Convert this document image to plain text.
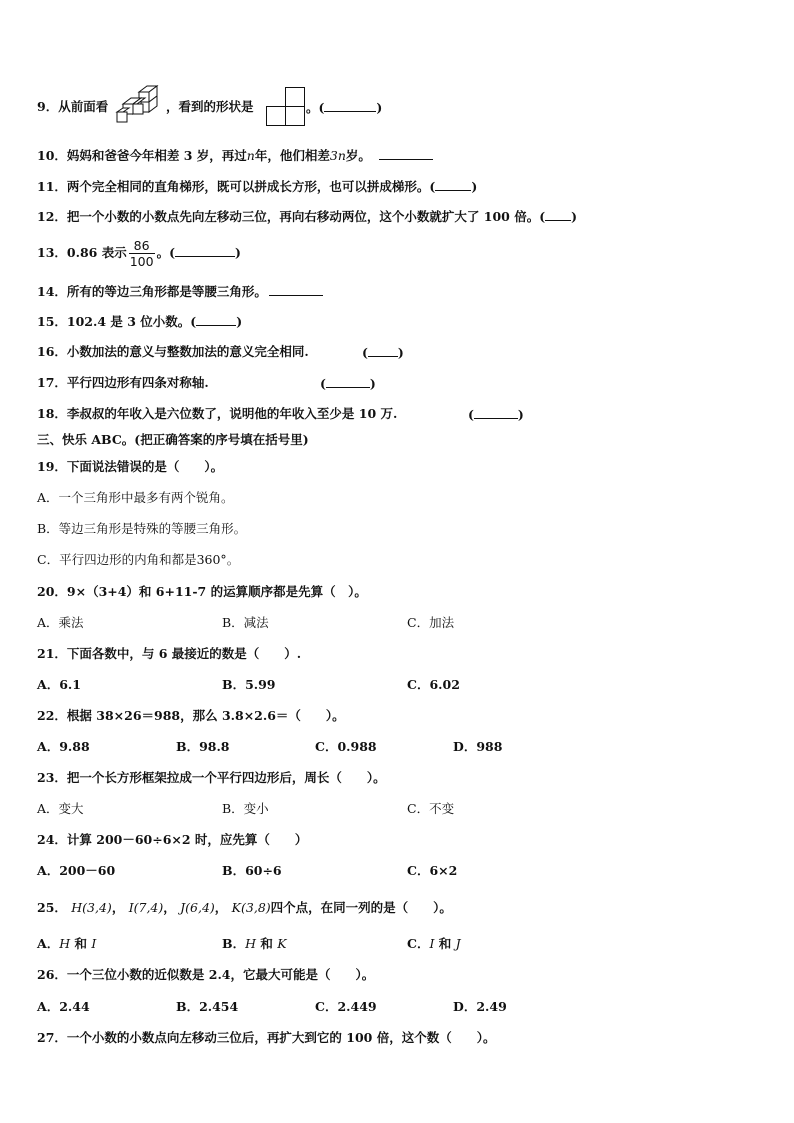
9．从前面看	，看到的形状是	。(	)
10．妈妈和爸爸今年相差 3 岁，再过n年，他们相差3n岁。
11．两个完全相同的直角梯形，既可以拼成长方形，也可以拼成梯形。(	)
12．把一个小数的小数点先向左移动三位，再向右移动两位，这个小数就扩大了 100 倍。( )
13．0.86 表示 $\frac{86}{100}$ 。(	)
14．所有的等边三角形都是等腰三角形。
15．102.4 是 3 位小数。(	)
16．小数加法的意义与整数加法的意义完全相同.	( )
17．平行四边形有四条对称轴.	(	)
18．李叔叔的年收入是六位数了，说明他的年收入至少是 10 万.	(	)
三、快乐 ABC。(把正确答案的序号填在括号里)
19．下面说法错误的是（　　）。
A．一个三角形中最多有两个锐角。
B．等边三角形是特殊的等腰三角形。
C．平行四边形的内角和都是360°。
20．9×（3+4）和 6+11-7 的运算顺序都是先算（　）。
A．乘法	B．减法	C．加法
21．下面各数中，与 6 最接近的数是（　　）.
A．6.1	B．5.99	C．6.02
22．根据 38×26＝988，那么 3.8×2.6＝（　　）。
A．9.88	B．98.8	C．0.988	D．988
23．把一个长方形框架拉成一个平行四边形后，周长（　　）。
A．变大	B．变小	C．不变
24．计算 200－60÷6×2 时，应先算（　　）
A．200－60	B．60÷6	C．6×2
25． H(3,4)， I(7,4)， J(6,4)， K(3,8)四个点，在同一列的是（　　）。
A．H 和 I	B．H 和 K	C．I 和 J
26．一个三位小数的近似数是 2.4，它最大可能是（　　）。
A．2.44	B．2.454	C．2.449	D．2.49
27．一个小数的小数点向左移动三位后，再扩大到它的 100 倍，这个数（　　）。
